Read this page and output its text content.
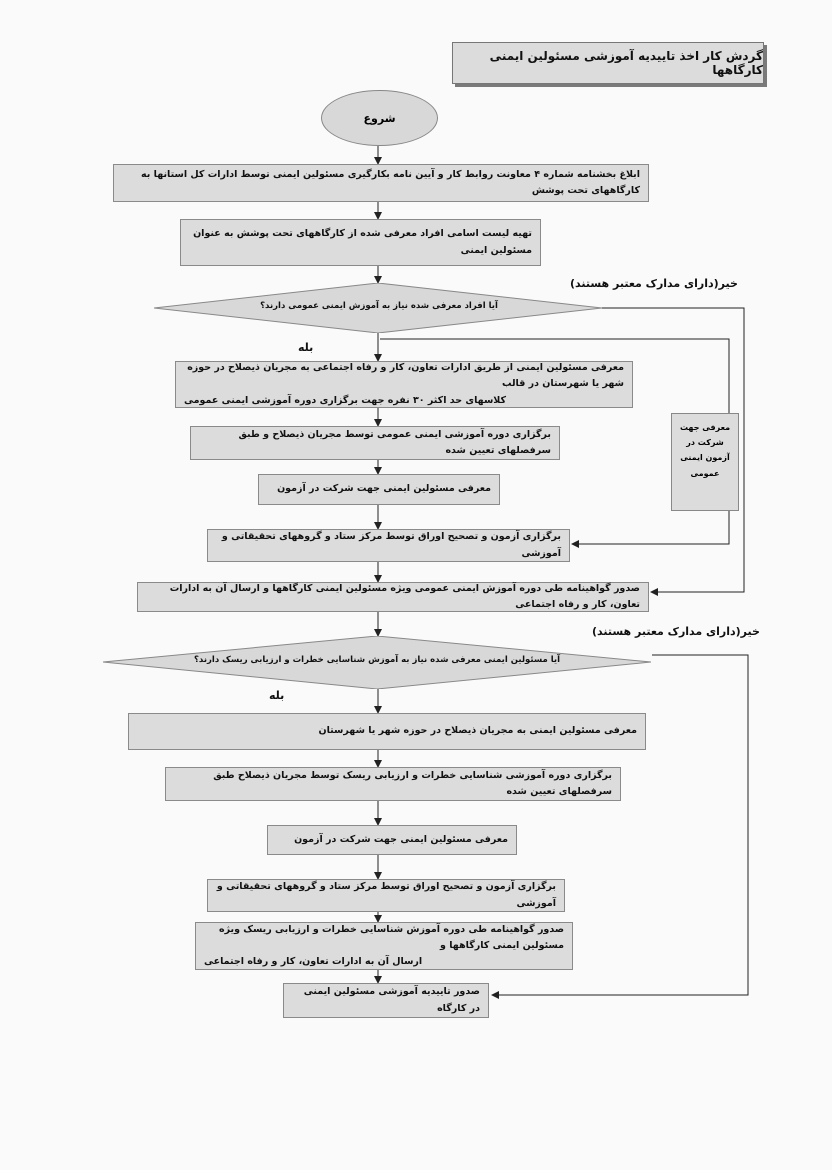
گردش کار اخذ تاییدیه آموزشی مسئولین ایمنی کارگاهها
شروع
ابلاغ بخشنامه شماره ۴ معاونت روابط کار و آیین نامه بکارگیری مسئولین ایمنی توسط ادارات کل استانها به کارگاههای تحت پوشش
تهیه لیست اسامی افراد معرفی شده از کارگاههای تحت پوشش به عنوان مسئولین ایمنی
خیر(دارای مدارک معتبر هستند)
آیا افراد معرفی شده نیاز به آموزش ایمنی عمومی دارند؟
بله
معرفی مسئولین ایمنی از طریق ادارات تعاون، کار و رفاه اجتماعی به مجریان ذیصلاح در حوزه شهر یا شهرستان در قالب
کلاسهای حد اکثر ۳۰ نفره جهت برگزاری دوره آموزشی ایمنی عمومی
برگزاری دوره آموزشی ایمنی عمومی توسط مجریان ذیصلاح و طبق سرفصلهای تعیین شده
معرفی جهت
شرکت در
آزمون ایمنی
عمومی
معرفی مسئولین ایمنی جهت شرکت در آزمون
برگزاری آزمون و تصحیح اوراق توسط مرکز ستاد و گروههای تحقیقاتی و آموزشی
صدور گواهینامه طی دوره آموزش ایمنی عمومی ویژه مسئولین ایمنی کارگاهها و ارسال آن به ادارات تعاون، کار و رفاه اجتماعی
خیر(دارای مدارک معتبر هستند)
آیا مسئولین ایمنی معرفی شده نیاز به آموزش شناسایی خطرات و ارزیابی ریسک دارند؟
بله
معرفی مسئولین ایمنی به مجریان ذیصلاح در حوزه شهر یا شهرستان
برگزاری دوره آموزشی شناسایی خطرات و ارزیابی ریسک توسط مجریان ذیصلاح طبق سرفصلهای تعیین شده
معرفی مسئولین ایمنی جهت شرکت در آزمون
برگزاری آزمون و تصحیح اوراق توسط مرکز ستاد و گروههای تحقیقاتی و آموزشی
صدور گواهینامه طی دوره آموزش شناسایی خطرات و ارزیابی ریسک ویژه مسئولین ایمنی کارگاهها و
ارسال آن به ادارات تعاون، کار و رفاه اجتماعی
صدور تاییدیه آموزشی مسئولین ایمنی در کارگاه
